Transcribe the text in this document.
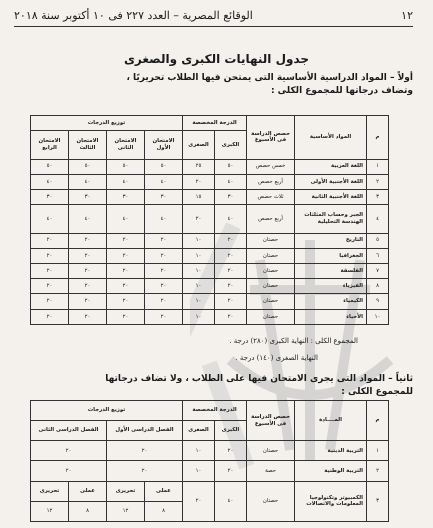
١٢
الوقائع المصرية – العدد ٢٢٧ فى ١٠ أكتوبر سنة ٢٠١٨
جدول النهايات الكبرى والصغرى
أولاً – المواد الدراسية الأساسية التى يمتحن فيها الطلاب تحريريًا ،
وتضاف درجاتها للمجموع الكلى :
م	المواد الأساسية	حصص الدراسة فى الأسبوع	الدرجة المخصصة		توزيع الدرجات			
			الكبرى	الصغرى	الامتحان الأول	الامتحان الثانى	الامتحان الثالث	الامتحان الرابع
١	اللغة العربية	خمس حصص	٥٠	٢٥	٥٠	٥٠	٥٠	٥٠
٢	اللغة الأجنبية الأولى	أربع حصص	٤٠	٢٠	٤٠	٤٠	٤٠	٤٠
٣	اللغة الأجنبية الثانية	ثلاث حصص	٣٠	١٥	٣٠	٣٠	٣٠	٣٠
٤	الجبر وحساب المثلثات الهندسة التحليلية	أربع حصص	٤٠	٢٠	٤٠	٤٠	٤٠	٤٠
٥	التاريخ	حصتان	٢٠	١٠	٢٠	٢٠	٢٠	٢٠
٦	الجغرافيا	حصتان	٢٠	١٠	٢٠	٢٠	٢٠	٢٠
٧	الفلسفة	حصتان	٢٠	١٠	٢٠	٢٠	٢٠	٢٠
٨	الفيزياء	حصتان	٢٠	١٠	٢٠	٢٠	٢٠	٢٠
٩	الكيمياء	حصتان	٢٠	١٠	٢٠	٢٠	٢٠	٢٠
١٠	الأحياء	حصتان	٢٠	١٠	٢٠	٢٠	٢٠	٢٠
المجموع الكلى : النهاية الكبرى (٢٨٠) درجة .
النهاية الصغرى (١٤٠) درجة .
ثانياً – المواد التى يجرى الامتحان فيها على الطلاب ، ولا تضاف درجاتها
للمجموع الكلى :
م	المــــادة	حصص الدراسة فى الأسبوع	الدرجة المخصصة		توزيع الدرجات			
			الكبرى	الصغرى	الفصل الدراسى الأول		الفصل الدراسى الثانى	
١	التربية الدينية	حصتان	٢٠	١٠	٢٠		٢٠	
٢	التربية الوطنية	حصة	٢٠	١٠	٢٠		٢٠	
٣	الكمبيوتر وتكنولوجيا المعلومات والاتصالات	حصتان	٤٠	٢٠	عملى	تحريرى	عملى	تحريرى
					٨	١٢	٨	١٢
